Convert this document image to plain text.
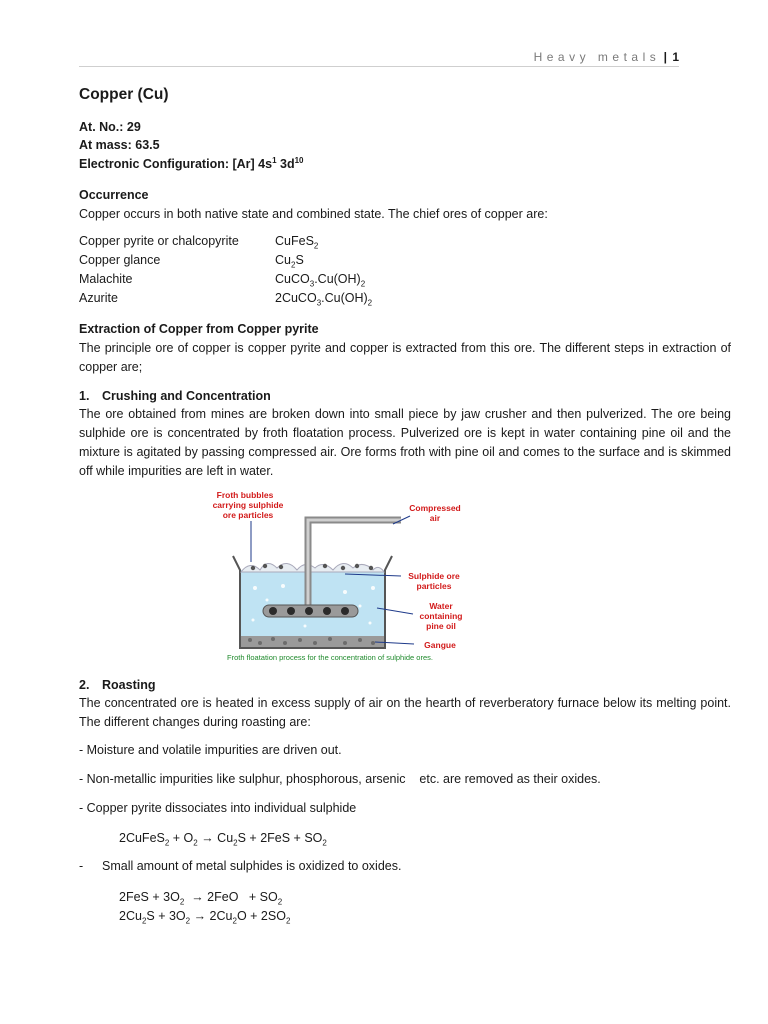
Heavy metals | 1
Copper (Cu)
At. No.: 29
At mass: 63.5
Electronic Configuration: [Ar] $4s^1$ $3d^{10}$
Occurrence
Copper occurs in both native state and combined state. The chief ores of copper are:
Copper pyrite or chalcopyrite	CuFeS$_2$
Copper glance	$Cu_2S$
Malachite	$CuCO_3.Cu(OH)_2$
Azurite	$2CuCO_3.Cu(OH)_2$
Extraction of Copper from Copper pyrite

The principle ore of copper is copper pyrite and copper is extracted from this ore. The different steps in extraction of copper are;

1. Crushing and Concentration

The ore obtained from mines are broken down into small piece by jaw crusher and then pulverized. The ore being sulphide ore is concentrated by froth floatation process. Pulverized ore is kept in water containing pine oil and the mixture is agitated by passing compressed air. Ore forms froth with pine oil and comes to the surface and is skimmed off while impurities are left in water.

2. Roasting

The concentrated ore is heated in excess supply of air on the hearth of reverberatory furnace below its melting point. The different changes during roasting are:

- Moisture and volatile impurities are driven out.
- Non-metallic impurities like sulphur, phosphorous, arsenic    etc. are removed as their oxides.
- Copper pyrite dissociates into individual sulphide
2CuFeS$_2$ + $O_2 \to Cu_2S + 2FeS + SO_2$
- Small amount of metal sulphides is oxidized to oxides.
$2FeS + 3O_2 \to 2FeO + SO_2$
$2Cu_2S + 3O_2 \to 2Cu_2O + 2SO_2$
Froth bubbles
carrying sulphide
ore particles
Compressed
air
Sulphide ore
particles
Water
containing
pine oil
Gangue
Froth floatation process for the concentration of sulphide ores.
